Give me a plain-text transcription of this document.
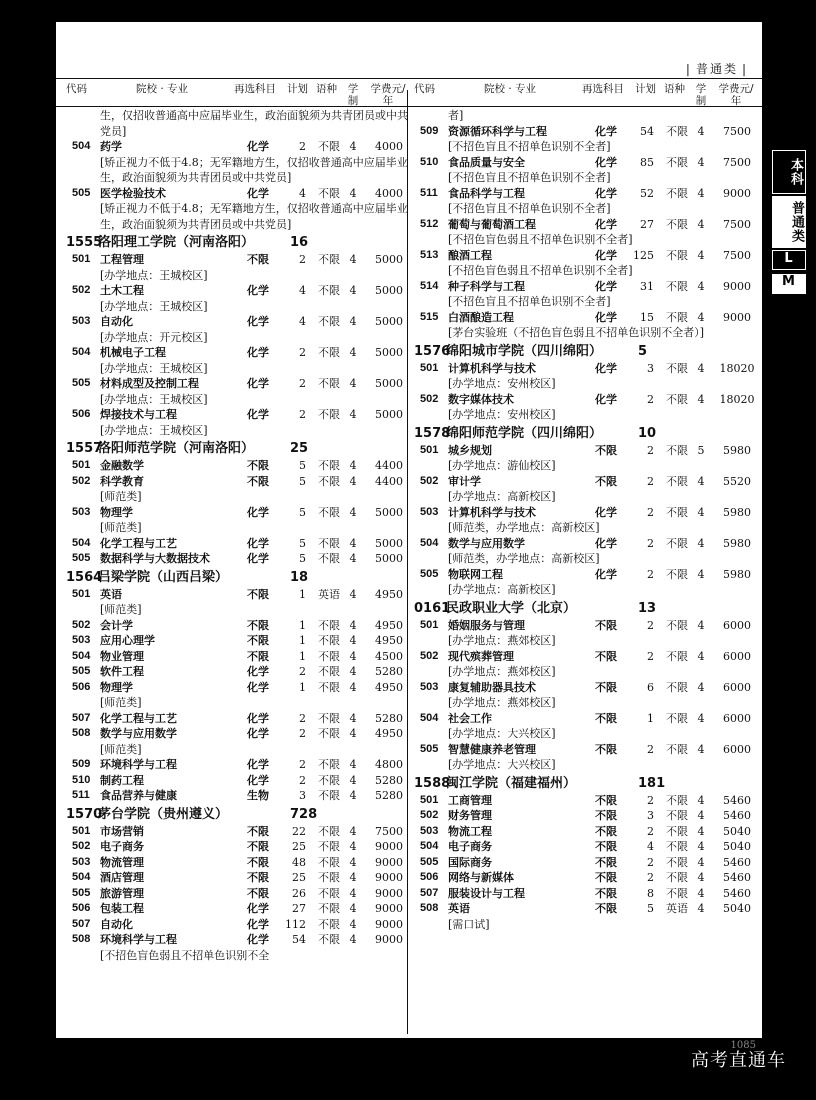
| 普通类 |
代码	院校 · 专业	再选科目 计划 语种 学制
学费元/年
生，仅招收普通高中应届毕业生，政治面貌须为共青团员或中共党员]
504 药学	化学	2 不限 4	4000
[矫正视力不低于4.8；无军籍地方生，仅招收普通高中应届毕业生，政治面貌须为共青团员或中共党员]
505 医学检验技术	化学	4 不限 4	4000
[矫正视力不低于4.8；无军籍地方生，仅招收普通高中应届毕业生，政治面貌须为共青团员或中共党员]
1555
洛阳理工学院（河南洛阳）	16
501 工程管理	不限	2 不限 4	5000
[办学地点：王城校区]
502 土木工程	化学	4 不限 4	5000
[办学地点：王城校区]
503 自动化	化学	4 不限 4	5000
[办学地点：开元校区]
504 机械电子工程	化学	2 不限 4	5000
[办学地点：王城校区]
505 材料成型及控制工程	化学	2 不限 4	5000
[办学地点：王城校区]
506 焊接技术与工程	化学	2 不限 4	5000
[办学地点：王城校区]
1557
洛阳师范学院（河南洛阳）	25
501 金融数学	不限	5 不限 4	4400
502 科学教育	不限	5 不限 4	4400
[师范类]
503 物理学	化学	5 不限 4	5000
[师范类]
504 化学工程与工艺	化学	5 不限 4	5000
505 数据科学与大数据技术	化学	5 不限 4	5000
1564
吕梁学院（山西吕梁）	18
501 英语	不限	1 英语 4	4950
[师范类]
502 会计学	不限	1 不限 4	4950
503 应用心理学	不限	1 不限 4	4950
504 物业管理	不限	1 不限 4	4500
505 软件工程	化学	2 不限 4	5280
506 物理学	化学	1 不限 4	4950
[师范类]
507 化学工程与工艺	化学	2 不限 4	5280
508 数学与应用数学	化学	2 不限 4	4950
[师范类]
509 环境科学与工程	化学	2 不限 4	4800
510 制药工程	化学	2 不限 4	5280
511 食品营养与健康	生物	3 不限 4	5280
1570
茅台学院（贵州遵义）	728
501 市场营销	不限	22 不限 4	7500
502 电子商务	不限	25 不限 4	9000
503 物流管理	不限	48 不限 4	9000
504 酒店管理	不限	25 不限 4	9000
505 旅游管理	不限	26 不限 4	9000
506 包装工程	化学	27 不限 4	9000
507 自动化	化学	112 不限 4	9000
508 环境科学与工程	化学	54 不限 4	9000
[不招色盲色弱且不招单色识别不全
代码	院校 · 专业	再选科目 计划 语种 学制
学费元/年
者]
509 资源循环科学与工程	化学	54 不限 4	7500
[不招色盲且不招单色识别不全者]
510 食品质量与安全	化学	85 不限 4	7500
[不招色盲且不招单色识别不全者]
511 食品科学与工程	化学	52 不限 4	9000
[不招色盲且不招单色识别不全者]
512 葡萄与葡萄酒工程	化学	27 不限 4	7500
[不招色盲色弱且不招单色识别不全者]
513 酿酒工程	化学	125 不限 4	7500
[不招色盲色弱且不招单色识别不全者]
514 种子科学与工程	化学	31 不限 4	9000
[不招色盲且不招单色识别不全者]
515 白酒酿造工程	化学	15 不限 4	9000
[茅台实验班（不招色盲色弱且不招单色识别不全者）]
1576
绵阳城市学院（四川绵阳）	5
501 计算机科学与技术	化学	3 不限 4	18020
[办学地点：安州校区]
502 数字媒体技术	化学	2 不限 4	18020
[办学地点：安州校区]
1578
绵阳师范学院（四川绵阳）	10
501 城乡规划	不限	2 不限 5	5980
[办学地点：游仙校区]
502 审计学	不限	2 不限 4	5520
[办学地点：高新校区]
503 计算机科学与技术	化学	2 不限 4	5980
[师范类，办学地点：高新校区]
504 数学与应用数学	化学	2 不限 4	5980
[师范类，办学地点：高新校区]
505 物联网工程	化学	2 不限 4	5980
[办学地点：高新校区]
0161
民政职业大学（北京）	13
501 婚姻服务与管理	不限	2 不限 4	6000
[办学地点：燕郊校区]
502 现代殡葬管理	不限	2 不限 4	6000
[办学地点：燕郊校区]
503 康复辅助器具技术	不限	6 不限 4	6000
[办学地点：燕郊校区]
504 社会工作	不限	1 不限 4	6000
[办学地点：大兴校区]
505 智慧健康养老管理	不限	2 不限 4	6000
[办学地点：大兴校区]
1588
闽江学院（福建福州）	181
501 工商管理	不限	2 不限 4	5460
502 财务管理	不限	3 不限 4	5460
503 物流工程	不限	2 不限 4	5040
504 电子商务	不限	4 不限 4	5040
505 国际商务	不限	2 不限 4	5460
506 网络与新媒体	不限	2 不限 4	5460
507 服装设计与工程	不限	8 不限 4	5460
508 英语	不限	5 英语 4	5040
[需口试]
本科
普通类
L
M
1085
高考直通车
